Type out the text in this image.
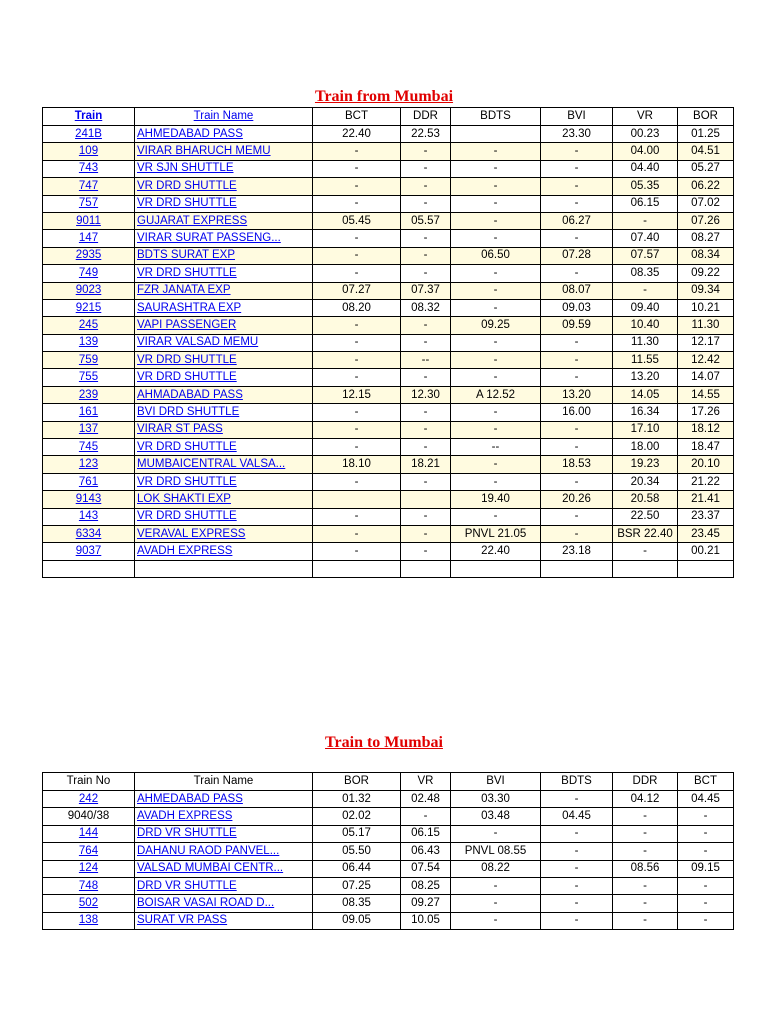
Train from Mumbai
Train	Train Name	BCT	DDR	BDTS	BVI	VR	BOR
241B	AHMEDABAD PASS	22.40	22.53		23.30	00.23	01.25
109	VIRAR BHARUCH MEMU	-	-	-	-	04.00	04.51
743	VR SJN SHUTTLE	-	-	-	-	04.40	05.27
747	VR DRD SHUTTLE	-	-	-	-	05.35	06.22
757	VR DRD SHUTTLE	-	-	-	-	06.15	07.02
9011	GUJARAT EXPRESS	05.45	05.57	-	06.27	-	07.26
147	VIRAR SURAT PASSENG...	-	-	-	-	07.40	08.27
2935	BDTS SURAT EXP	-	-	06.50	07.28	07.57	08.34
749	VR DRD SHUTTLE	-	-	-	-	08.35	09.22
9023	FZR JANATA EXP	07.27	07.37	-	08.07	-	09.34
9215	SAURASHTRA EXP	08.20	08.32	-	09.03	09.40	10.21
245	VAPI PASSENGER	-	-	09.25	09.59	10.40	11.30
139	VIRAR VALSAD MEMU	-	-	-	-	11.30	12.17
759	VR DRD SHUTTLE	-	--	-	-	11.55	12.42
755	VR DRD SHUTTLE	-	-	-	-	13.20	14.07
239	AHMADABAD PASS	12.15	12.30	A 12.52	13.20	14.05	14.55
161	BVI DRD SHUTTLE	-	-	-	16.00	16.34	17.26
137	VIRAR ST PASS	-	-	-	-	17.10	18.12
745	VR DRD SHUTTLE	-	-	--	-	18.00	18.47
123	MUMBAICENTRAL VALSA...	18.10	18.21	-	18.53	19.23	20.10
761	VR DRD SHUTTLE	-	-	-	-	20.34	21.22
9143	LOK SHAKTI EXP			19.40	20.26	20.58	21.41
143	VR DRD SHUTTLE	-	-	-	-	22.50	23.37
6334	VERAVAL EXPRESS	-	-	PNVL 21.05	-	BSR 22.40	23.45
9037	AVADH EXPRESS	-	-	22.40	23.18	-	00.21

Train to Mumbai
Train No	Train Name	BOR	VR	BVI	BDTS	DDR	BCT
242	AHMEDABAD PASS	01.32	02.48	03.30	-	04.12	04.45
9040/38	AVADH EXPRESS	02.02	-	03.48	04.45	-	-
144	DRD VR SHUTTLE	05.17	06.15	-	-	-	-
764	DAHANU RAOD PANVEL...	05.50	06.43	PNVL 08.55	-	-	-
124	VALSAD MUMBAI CENTR...	06.44	07.54	08.22	-	08.56	09.15
748	DRD VR SHUTTLE	07.25	08.25	-	-	-	-
502	BOISAR VASAI ROAD D...	08.35	09.27	-	-	-	-
138	SURAT VR PASS	09.05	10.05	-	-	-	-
